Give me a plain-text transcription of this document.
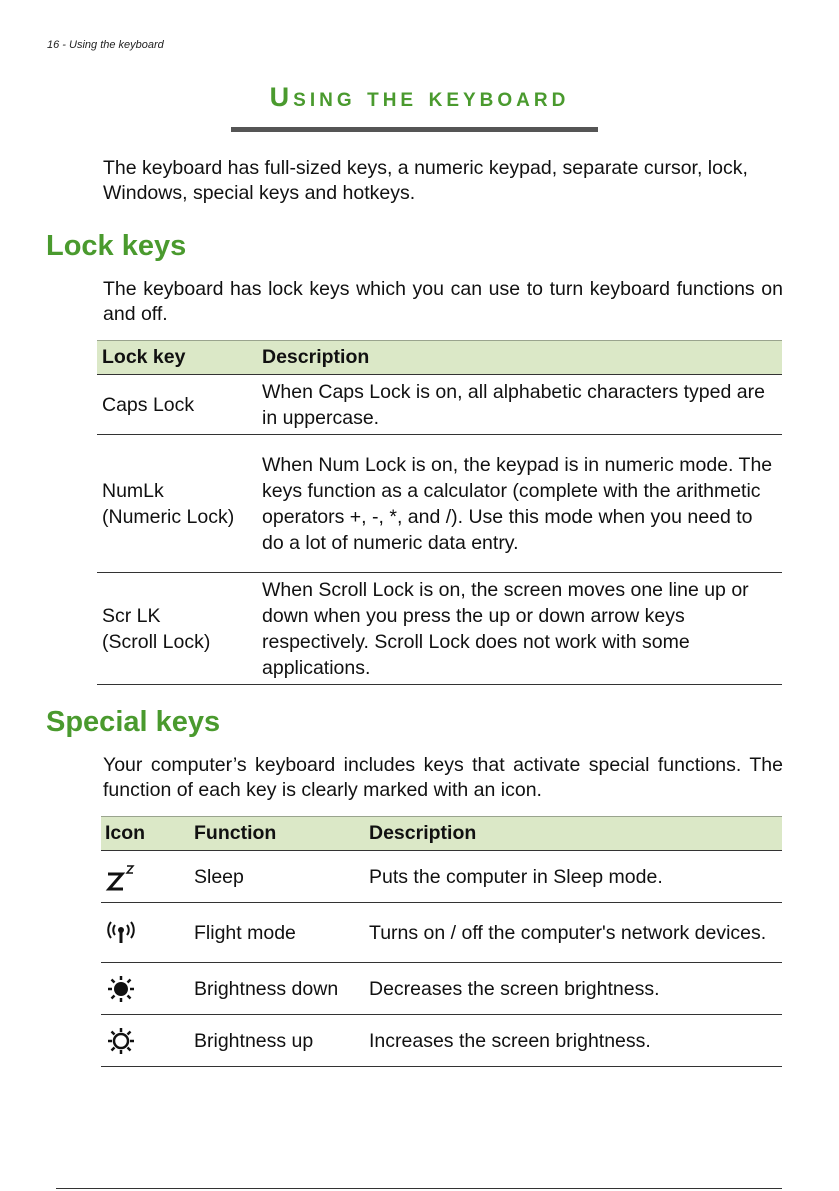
16 - Using the keyboard
Using the keyboard

The keyboard has full-sized keys, a numeric keypad, separate cursor, lock, Windows, special keys and hotkeys.

Lock keys

The keyboard has lock keys which you can use to turn keyboard functions on and off.

Lock key	Description
Caps Lock	When Caps Lock is on, all alphabetic characters typed are in uppercase.
NumLk
(Numeric Lock)	When Num Lock is on, the keypad is in numeric mode. The keys function as a calculator (complete with the arithmetic operators +, -, *, and /). Use this mode when you need to do a lot of numeric data entry.
Scr LK
(Scroll Lock)	When Scroll Lock is on, the screen moves one line up or down when you press the up or down arrow keys respectively. Scroll Lock does not work with some applications.
Special keys

Your computer’s keyboard includes keys that activate special functions. The function of each key is clearly marked with an icon.

Icon	Function	Description

	Sleep	Puts the computer in Sleep mode.

	Flight mode	Turns on / off the computer's network devices.

	Brightness down	Decreases the screen brightness.

	Brightness up	Increases the screen brightness.
